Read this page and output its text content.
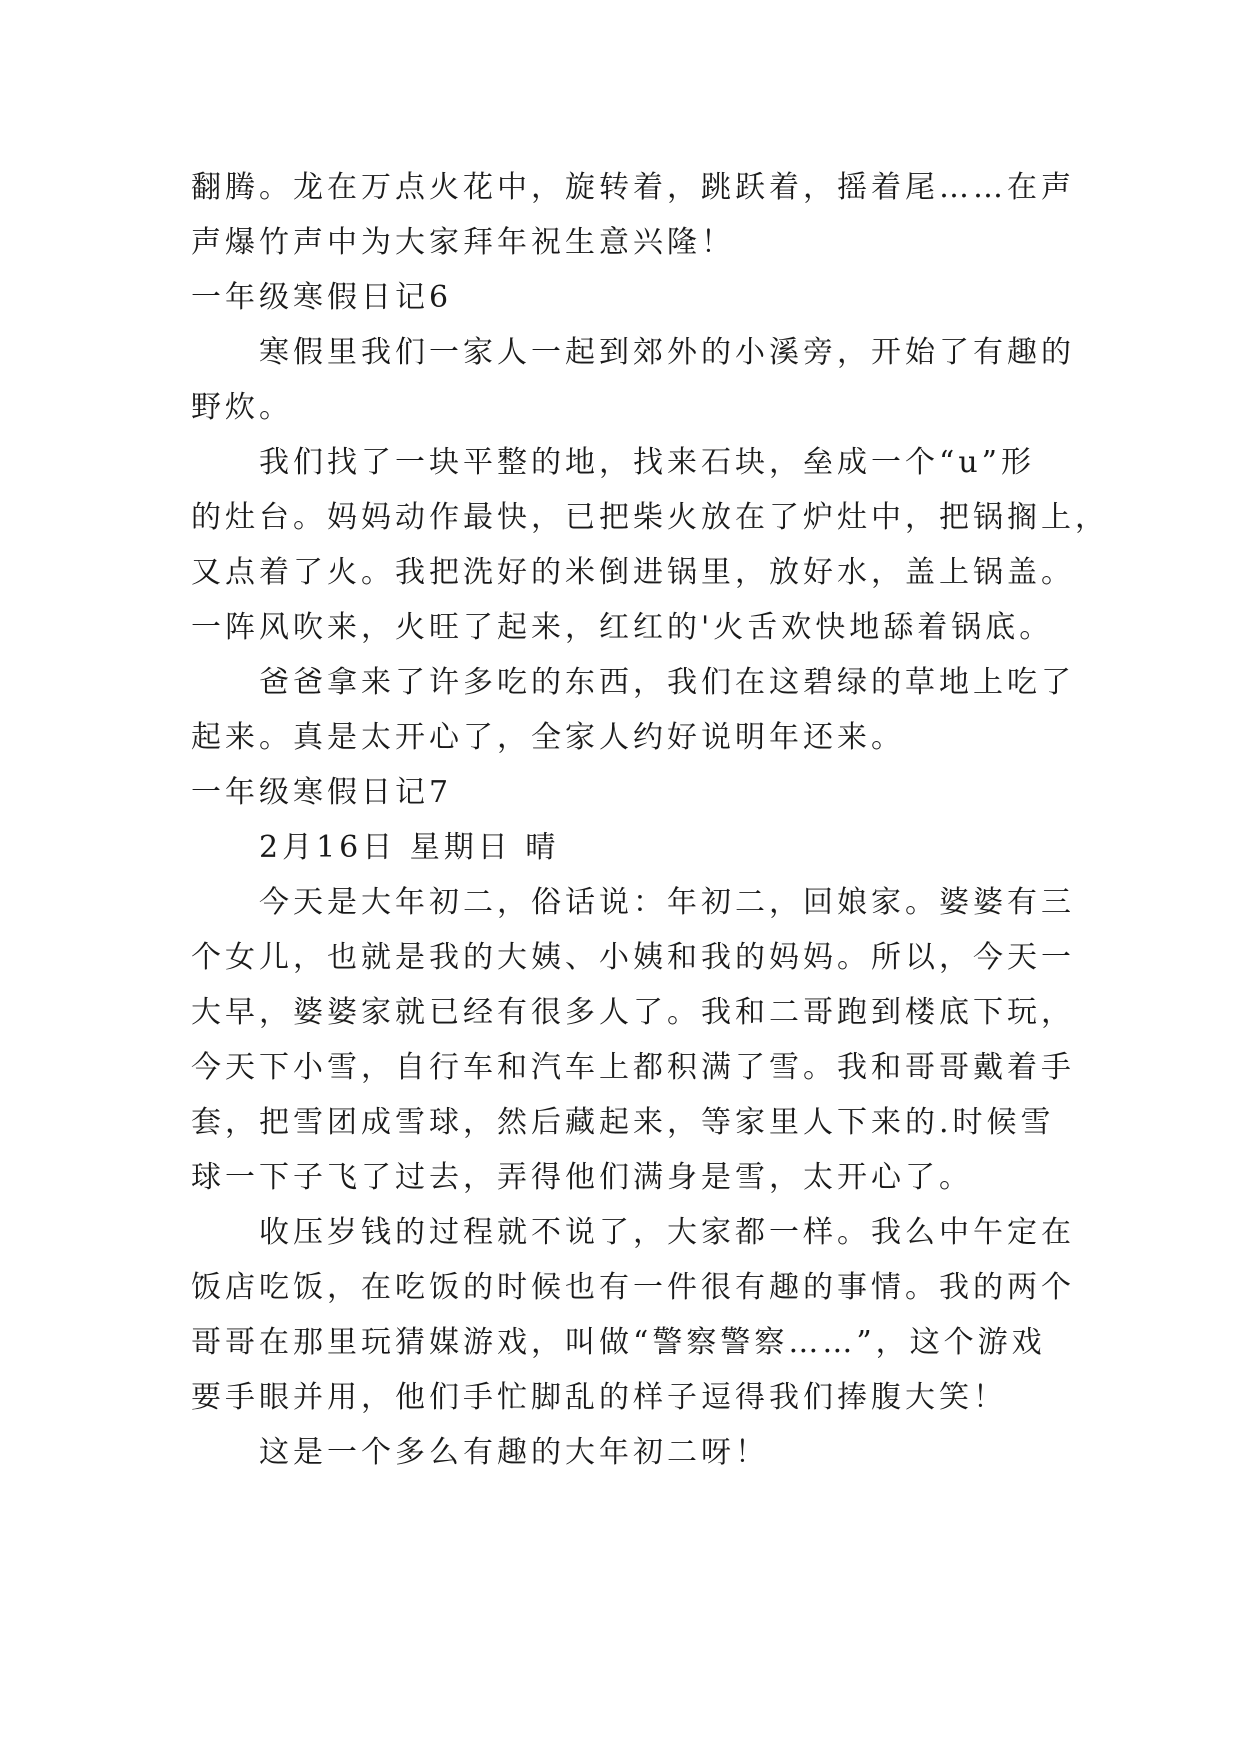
翻腾。龙在万点火花中，旋转着，跳跃着，摇着尾……在声
声爆竹声中为大家拜年祝生意兴隆！
一年级寒假日记6
寒假里我们一家人一起到郊外的小溪旁，开始了有趣的
野炊。
我们找了一块平整的地，找来石块，垒成一个“u”形
的灶台。妈妈动作最快，已把柴火放在了炉灶中，把锅搁上，
又点着了火。我把洗好的米倒进锅里，放好水，盖上锅盖。
一阵风吹来，火旺了起来，红红的'火舌欢快地舔着锅底。
爸爸拿来了许多吃的东西，我们在这碧绿的草地上吃了
起来。真是太开心了，全家人约好说明年还来。
一年级寒假日记7
2月16日 星期日 晴
今天是大年初二，俗话说：年初二，回娘家。婆婆有三
个女儿，也就是我的大姨、小姨和我的妈妈。所以，今天一
大早，婆婆家就已经有很多人了。我和二哥跑到楼底下玩，
今天下小雪，自行车和汽车上都积满了雪。我和哥哥戴着手
套，把雪团成雪球，然后藏起来，等家里人下来的.时候雪
球一下子飞了过去，弄得他们满身是雪，太开心了。
收压岁钱的过程就不说了，大家都一样。我么中午定在
饭店吃饭，在吃饭的时候也有一件很有趣的事情。我的两个
哥哥在那里玩猜媒游戏，叫做“警察警察……”，这个游戏
要手眼并用，他们手忙脚乱的样子逗得我们捧腹大笑！
这是一个多么有趣的大年初二呀！
